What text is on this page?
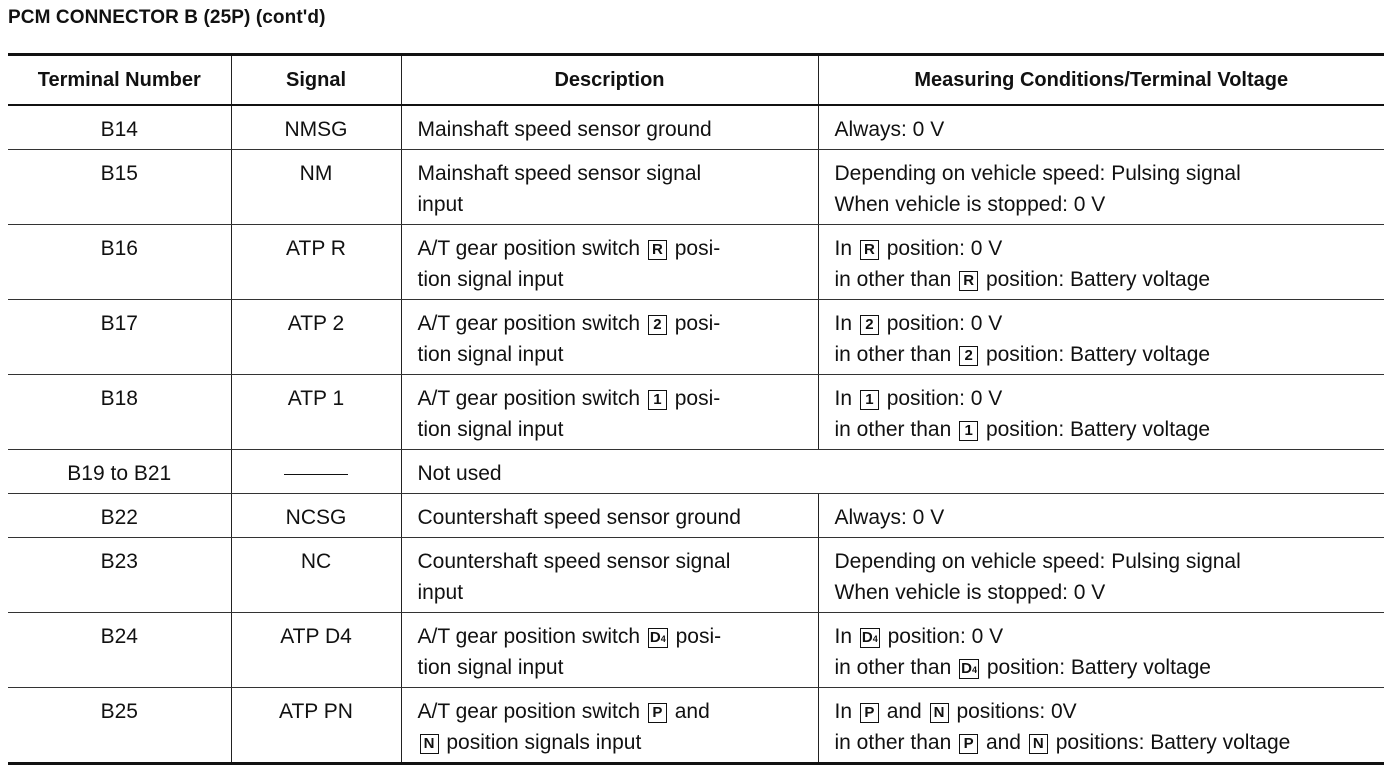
PCM CONNECTOR B (25P) (cont'd)
Terminal Number	Signal	Description	Measuring Conditions/Terminal Voltage
B14	NMSG	Mainshaft speed sensor ground	Always: 0 V

B15	NM	Mainshaft speed sensor signal
input	Depending on vehicle speed: Pulsing signal
When vehicle is stopped: 0 V

B16	ATP R	A/T gear position switch R posi-
tion signal input	In R position: 0 V
in other than R position: Battery voltage

B17	ATP 2	A/T gear position switch 2 posi-
tion signal input	In 2 position: 0 V
in other than 2 position: Battery voltage

B18	ATP 1	A/T gear position switch 1 posi-
tion signal input	In 1 position: 0 V
in other than 1 position: Battery voltage

B19 to B21		Not used	

B22	NCSG	Countershaft speed sensor ground	Always: 0 V

B23	NC	Countershaft speed sensor signal
input	Depending on vehicle speed: Pulsing signal
When vehicle is stopped: 0 V

B24	ATP D4	A/T gear position switch D4 posi-
tion signal input	In D4 position: 0 V
in other than D4 position: Battery voltage

B25	ATP PN	A/T gear position switch P and
N position signals input	In P and N positions: 0V
in other than P and N positions: Battery voltage
